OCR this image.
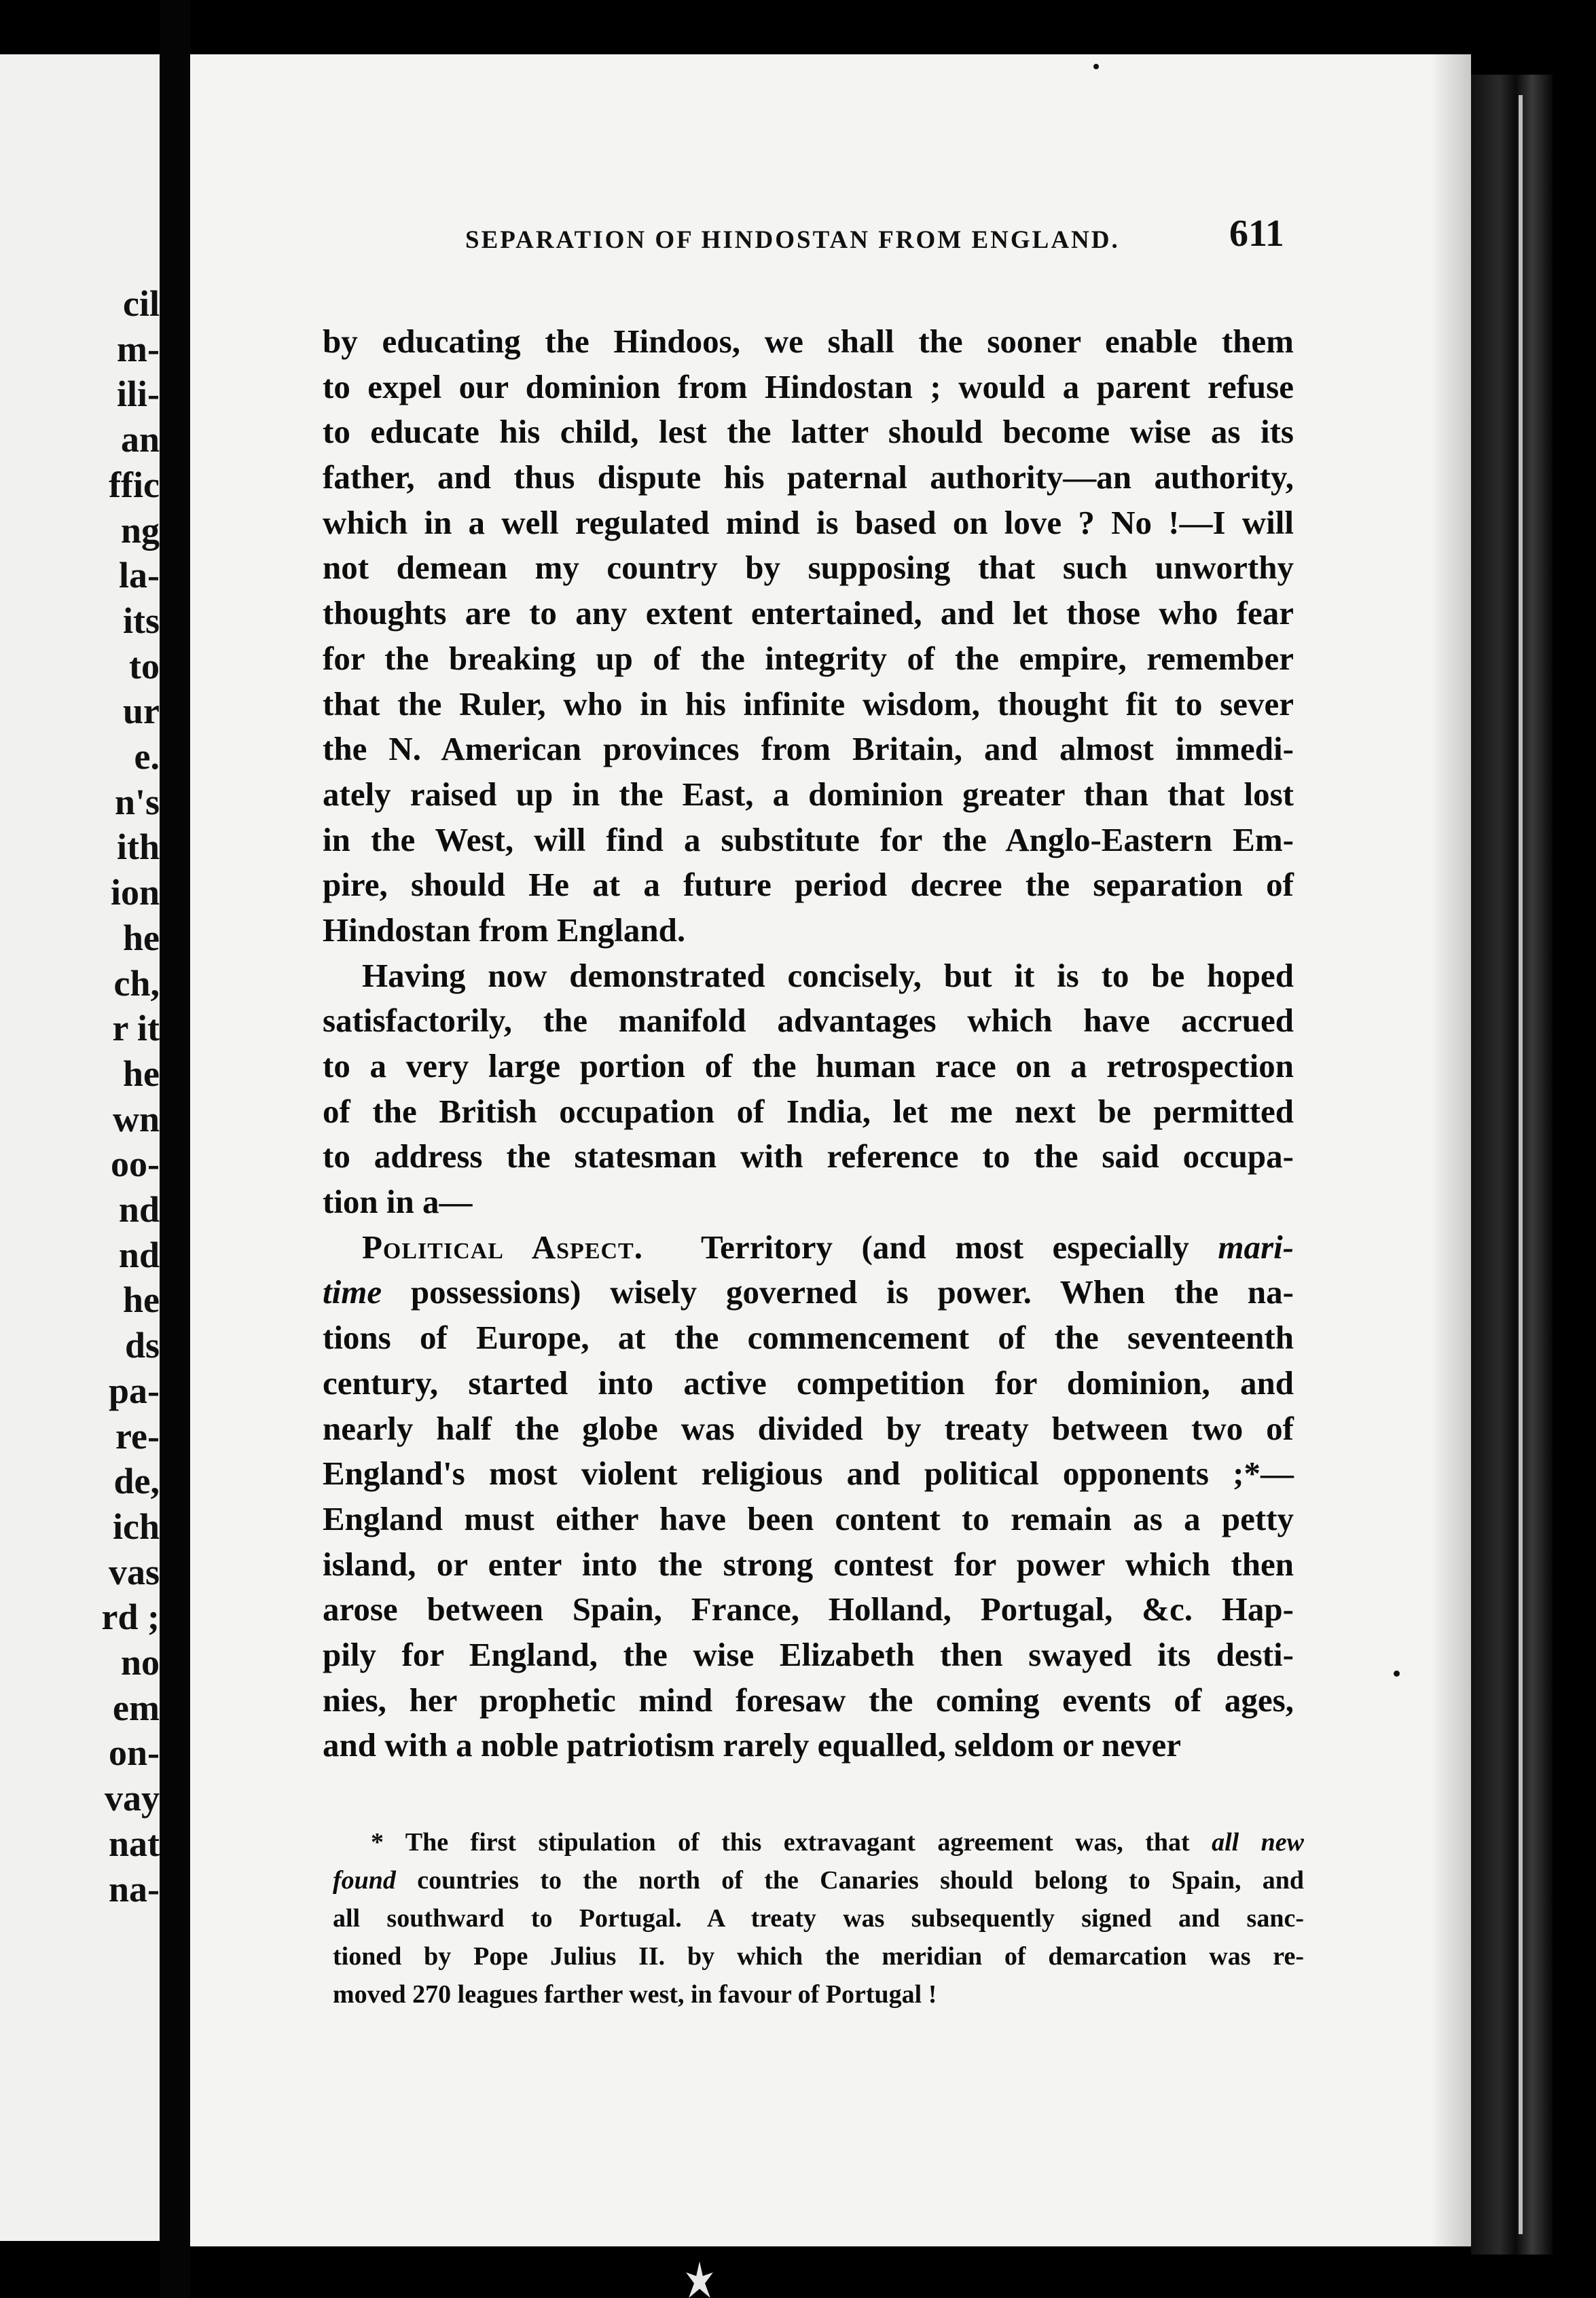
cil
m-
ili-
an
ffic
ng
la-
its
to
ur
e.
n's
ith
ion
he
ch,
r it
he
wn
oo-
nd
nd
he
ds
pa-
re-
de,
ich
vas
rd ;
no
em
on-
vay
nat
na-
SEPARATION OF HINDOSTAN FROM ENGLAND.	611
by educating the Hindoos, we shall the sooner enable them
to expel our dominion from Hindostan ; would a parent refuse
to educate his child, lest the latter should become wise as its
father, and thus dispute his paternal authority—an authority,
which in a well regulated mind is based on love ? No !—I will
not demean my country by supposing that such unworthy
thoughts are to any extent entertained, and let those who fear
for the breaking up of the integrity of the empire, remember
that the Ruler, who in his infinite wisdom, thought fit to sever
the N. American provinces from Britain, and almost immedi-
ately raised up in the East, a dominion greater than that lost
in the West, will find a substitute for the Anglo-Eastern Em-
pire, should He at a future period decree the separation of
Hindostan from England.
Having now demonstrated concisely, but it is to be hoped
satisfactorily, the manifold advantages which have accrued
to a very large portion of the human race on a retrospection
of the British occupation of India, let me next be permitted
to address the statesman with reference to the said occupa-
tion in a—
Political Aspect. Territory (and most especially mari-
time possessions) wisely governed is power. When the na-
tions of Europe, at the commencement of the seventeenth
century, started into active competition for dominion, and
nearly half the globe was divided by treaty between two of
England's most violent religious and political opponents ;*—
England must either have been content to remain as a petty
island, or enter into the strong contest for power which then
arose between Spain, France, Holland, Portugal, &c. Hap-
pily for England, the wise Elizabeth then swayed its desti-
nies, her prophetic mind foresaw the coming events of ages,
and with a noble patriotism rarely equalled, seldom or never
* The first stipulation of this extravagant agreement was, that all new
found countries to the north of the Canaries should belong to Spain, and
all southward to Portugal. A treaty was subsequently signed and sanc-
tioned by Pope Julius II. by which the meridian of demarcation was re-
moved 270 leagues farther west, in favour of Portugal !
